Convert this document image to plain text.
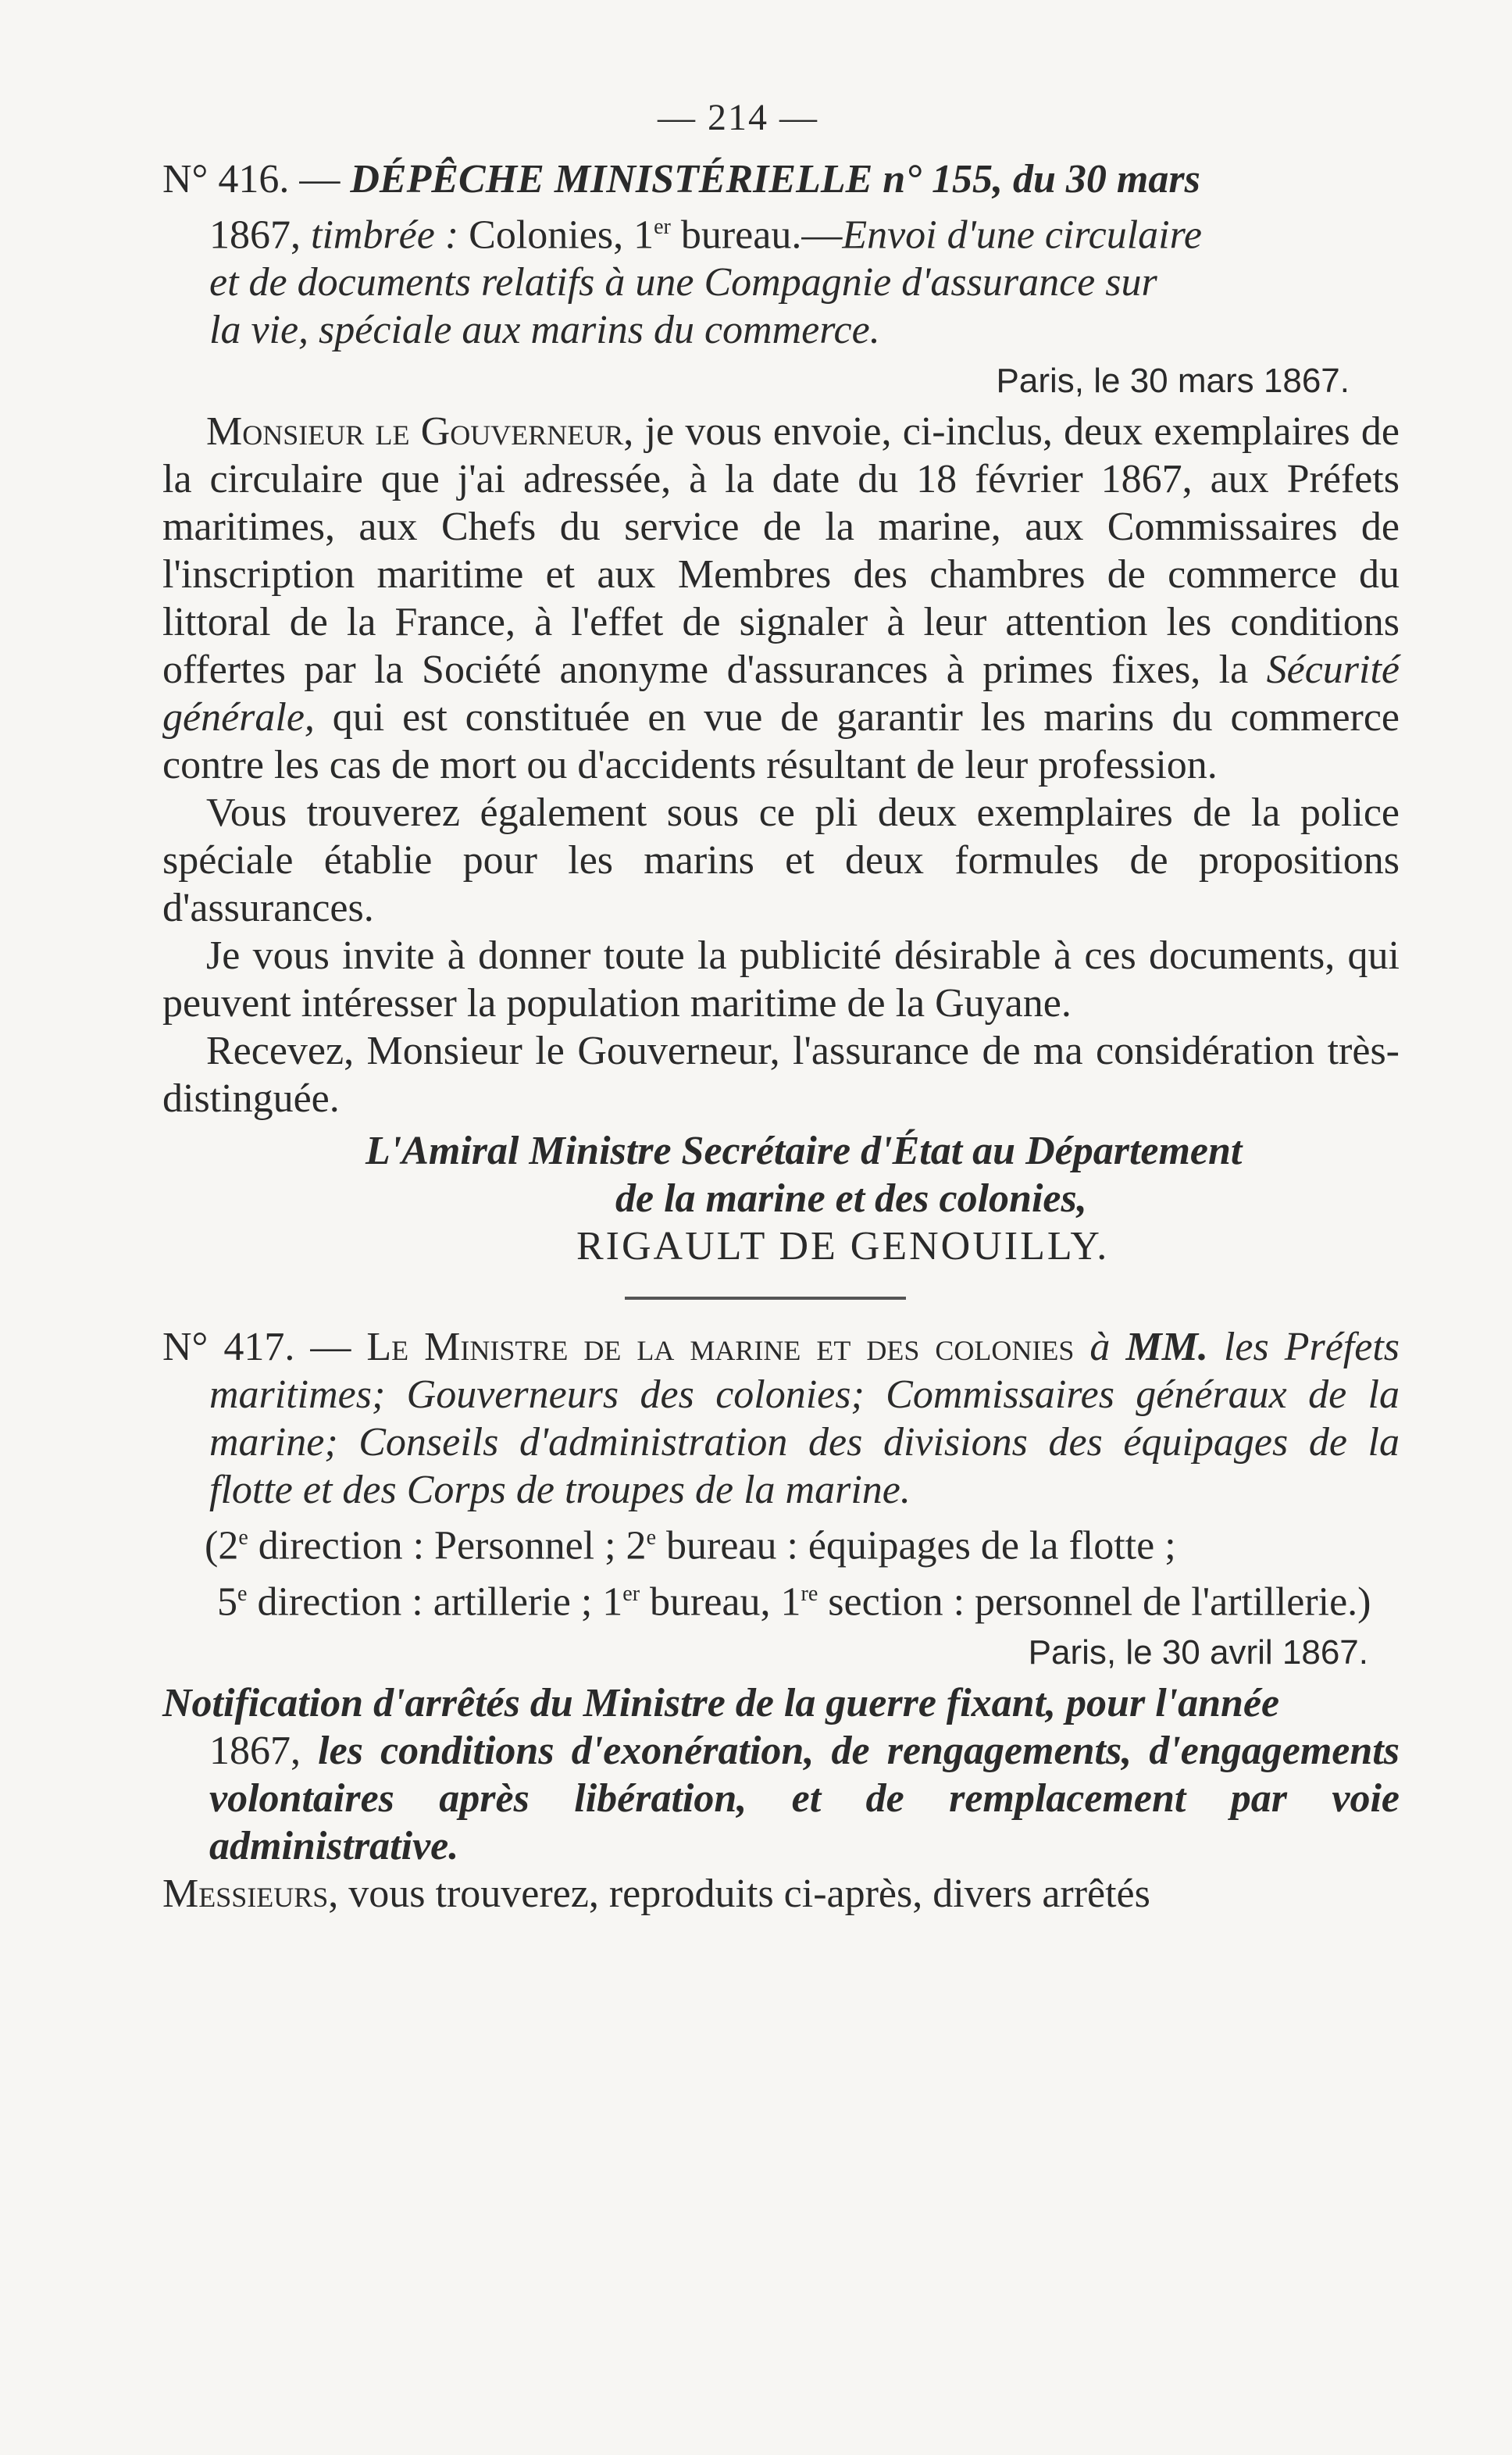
— 214 —

N° 416. — DÉPÊCHE MINISTÉRIELLE n° 155, du 30 mars
1867, timbrée : Colonies, 1er bureau.—Envoi d'une circulaire
et de documents relatifs à une Compagnie d'assurance sur
la vie, spéciale aux marins du commerce.

Paris, le 30 mars 1867.

Monsieur le Gouverneur, je vous envoie, ci-inclus, deux exemplaires de la circulaire que j'ai adressée, à la date du 18 février 1867, aux Préfets maritimes, aux Chefs du service de la marine, aux Commissaires de l'inscription maritime et aux Membres des chambres de commerce du littoral de la France, à l'effet de signaler à leur attention les conditions offertes par la Société anonyme d'assurances à primes fixes, la Sécurité générale, qui est constituée en vue de garantir les marins du commerce contre les cas de mort ou d'accidents résultant de leur profession.

Vous trouverez également sous ce pli deux exemplaires de la police spéciale établie pour les marins et deux formules de propositions d'assurances.

Je vous invite à donner toute la publicité désirable à ces documents, qui peuvent intéresser la population maritime de la Guyane.

Recevez, Monsieur le Gouverneur, l'assurance de ma considération très-distinguée.

L'Amiral Ministre Secrétaire d'État au Département
de la marine et des colonies,
RIGAULT DE GENOUILLY.

N° 417. — Le Ministre de la marine et des colonies à MM. les Préfets maritimes; Gouverneurs des colonies; Commissaires généraux de la marine; Conseils d'administration des divisions des équipages de la flotte et des Corps de troupes de la marine.

(2e direction : Personnel ; 2e bureau : équipages de la flotte ;
5e direction : artillerie ; 1er bureau, 1re section : personnel de l'artillerie.)

Paris, le 30 avril 1867.

Notification d'arrêtés du Ministre de la guerre fixant, pour l'année
1867, les conditions d'exonération, de rengagements, d'engagements volontaires après libération, et de remplacement par voie administrative.

Messieurs, vous trouverez, reproduits ci-après, divers arrêtés
